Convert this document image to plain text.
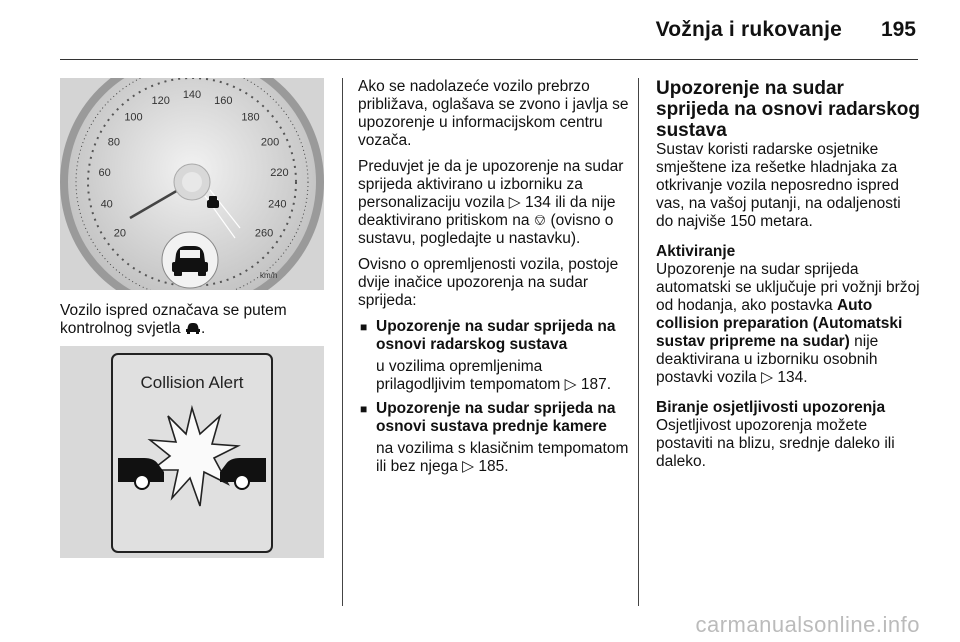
Vožnja i rukovanje 195
20
40
60
80
100
120 140 160
180
200
220
240
260
km/h
Vozilo ispred označava se putem kontrolnog svjetla .
Collision Alert

Ako se nadolazeće vozilo prebrzo približava, oglašava se zvono i javlja se upozorenje u informacijskom centru vozača.

Preduvjet je da je upozorenje na sudar sprijeda aktivirano u izborniku za personalizaciju vozila ▷ 134 ili da nije deaktivirano pritiskom na ⎊ (ovisno o sustavu, pogledajte u nastavku).

Ovisno o opremljenosti vozila, postoje dvije inačice upozorenja na sudar sprijeda:

■ Upozorenje na sudar sprijeda na osnovi radarskog sustava
u vozilima opremljenima prilagodljivim tempomatom ▷ 187.
■ Upozorenje na sudar sprijeda na osnovi sustava prednje kamere
na vozilima s klasičnim tempomatom ili bez njega ▷ 185.
Upozorenje na sudar sprijeda na osnovi radarskog sustava

Sustav koristi radarske osjetnike smještene iza rešetke hladnjaka za otkrivanje vozila neposredno ispred vas, na vašoj putanji, na odaljenosti do najviše 150 metara.

Aktiviranje

Upozorenje na sudar sprijeda automatski se uključuje pri vožnji bržoj od hodanja, ako postavka Auto collision preparation (Automatski sustav pripreme na sudar) nije deaktivirana u izborniku osobnih postavki vozila ▷ 134.

Biranje osjetljivosti upozorenja

Osjetljivost upozorenja možete postaviti na blizu, srednje daleko ili daleko.

carmanualsonline.info
